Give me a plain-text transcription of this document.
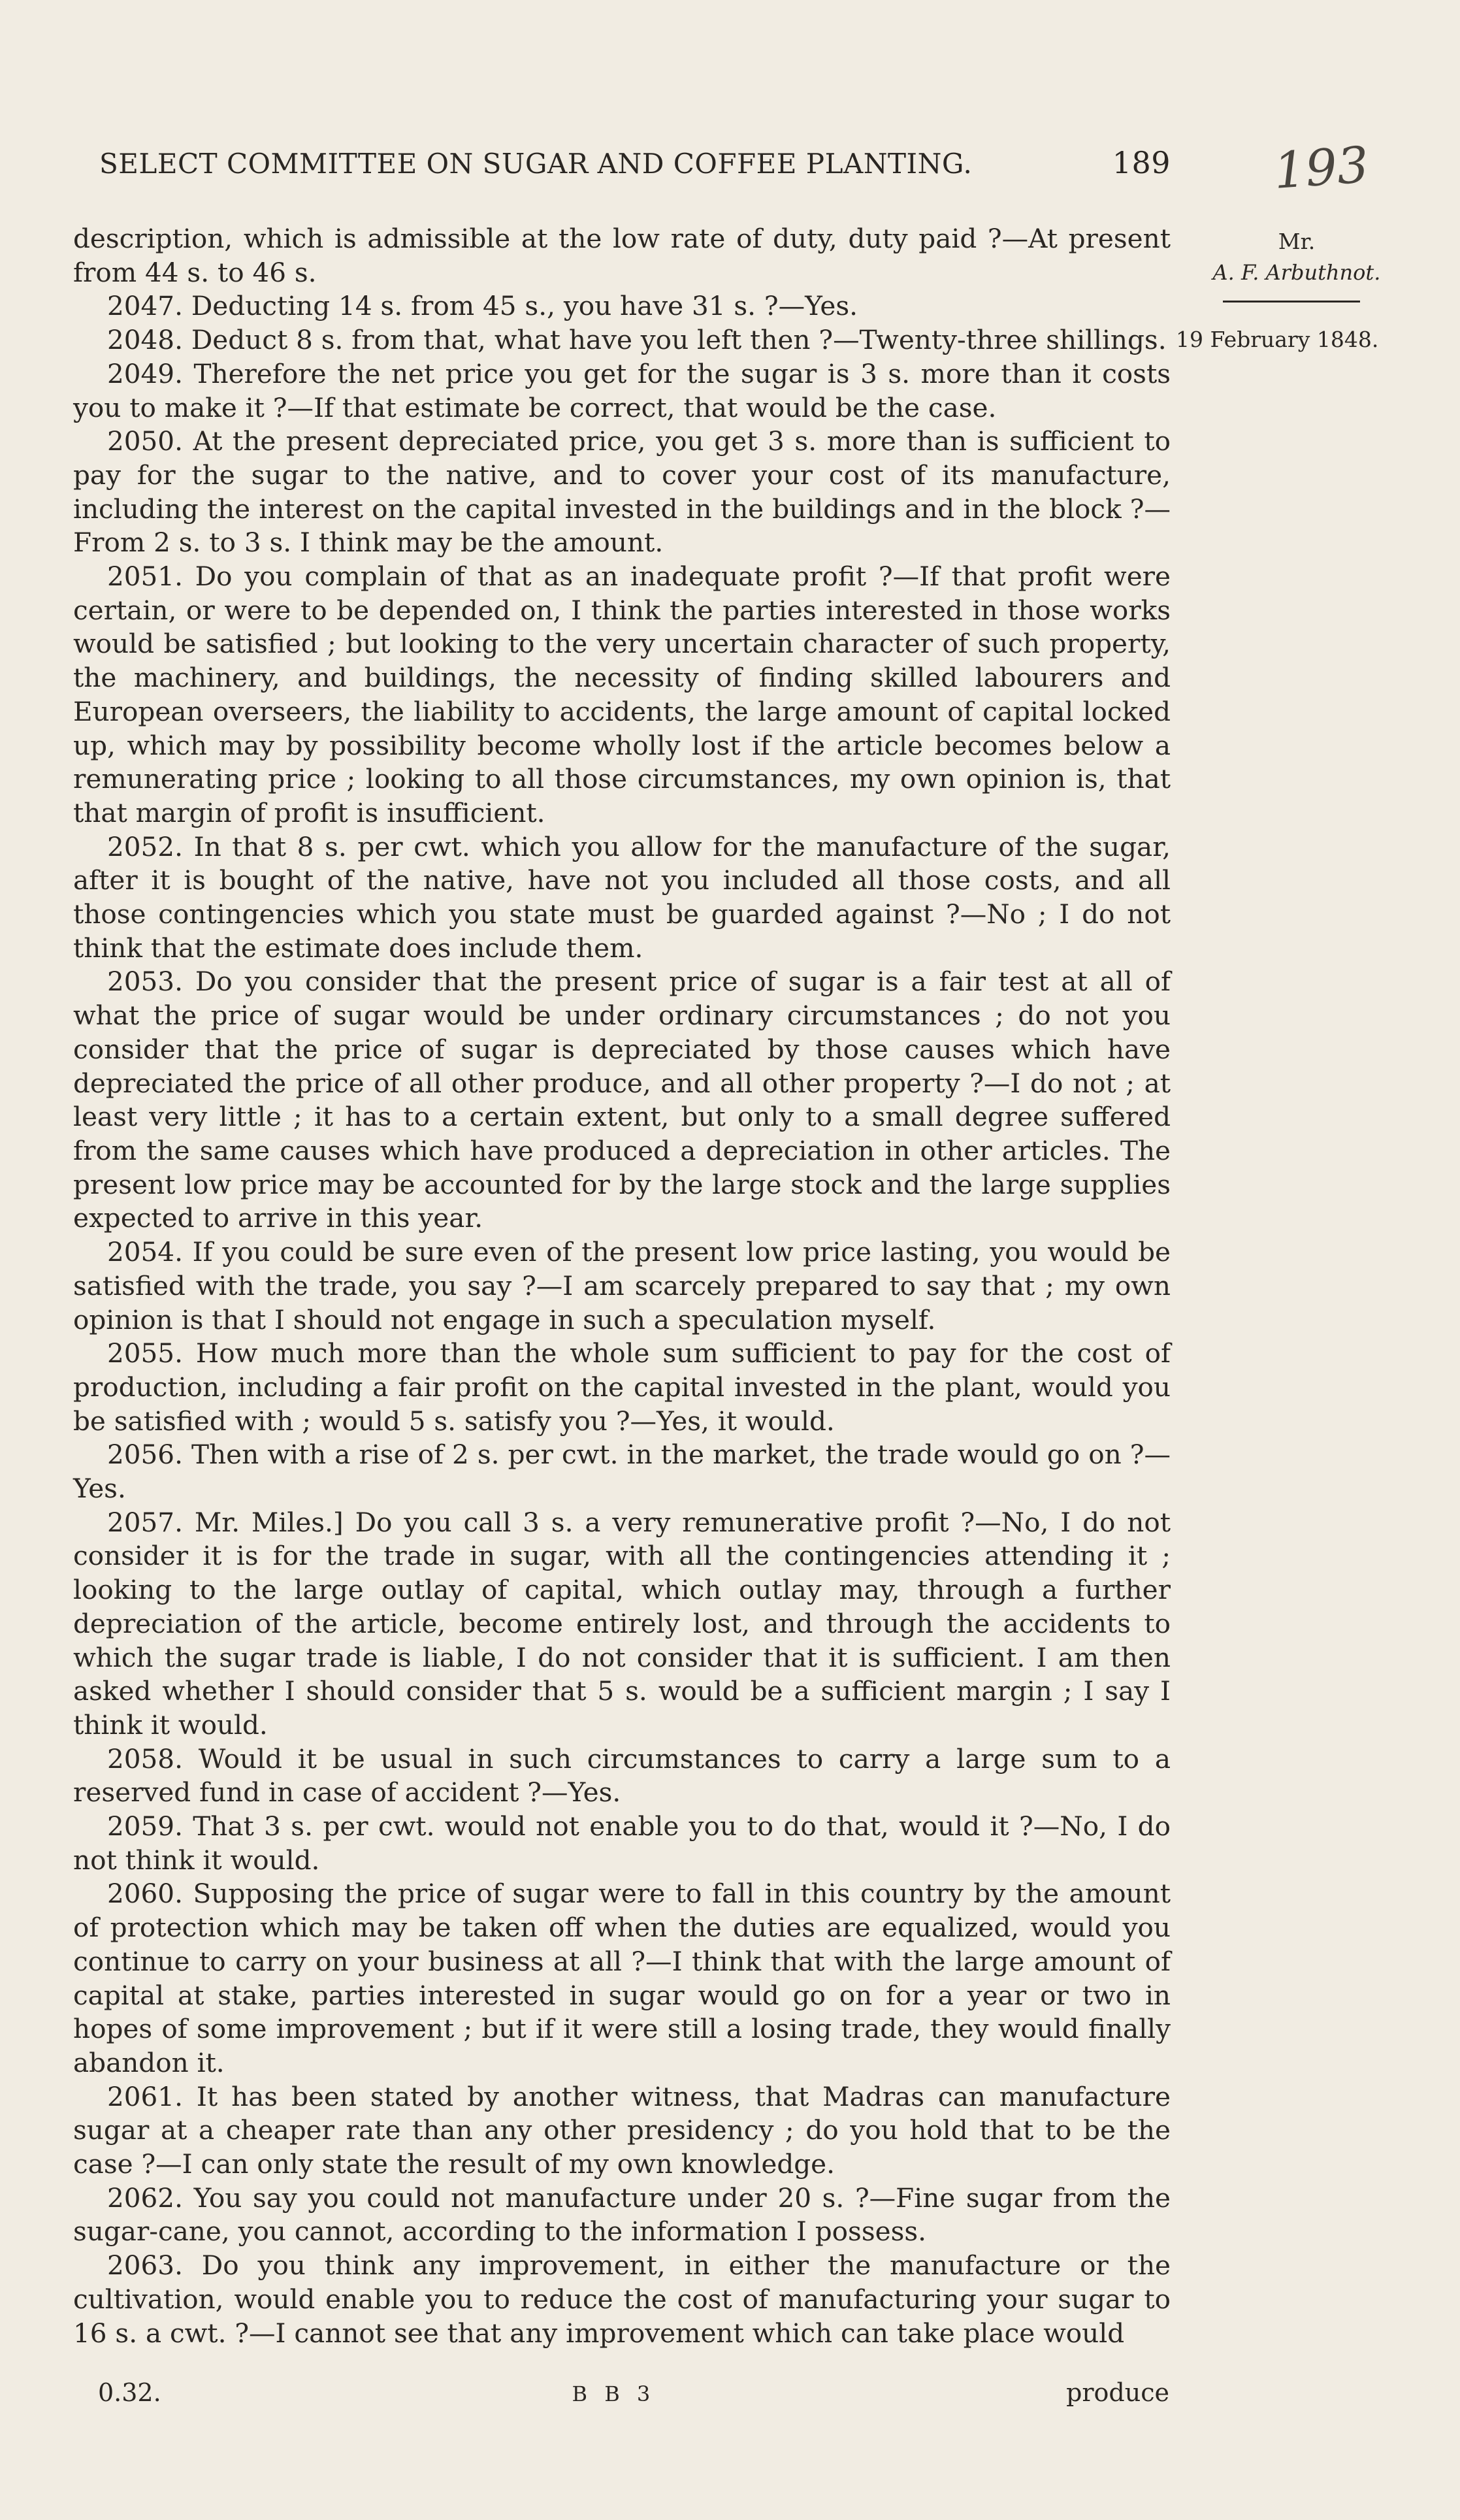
SELECT COMMITTEE ON SUGAR AND COFFEE PLANTING.	189 193
Mr.
A. F. Arbuthnot.
19 February 1848.

description, which is admissible at the low rate of duty, duty paid ?—At present from 44 s. to 46 s.

2047. Deducting 14 s. from 45 s., you have 31 s. ?—Yes.

2048. Deduct 8 s. from that, what have you left then ?—Twenty-three shillings.

2049. Therefore the net price you get for the sugar is 3 s. more than it costs you to make it ?—If that estimate be correct, that would be the case.

2050. At the present depreciated price, you get 3 s. more than is sufficient to pay for the sugar to the native, and to cover your cost of its manufacture, including the interest on the capital invested in the buildings and in the block ?—From 2 s. to 3 s. I think may be the amount.

2051. Do you complain of that as an inadequate profit ?—If that profit were certain, or were to be depended on, I think the parties interested in those works would be satisfied ; but looking to the very uncertain character of such property, the machinery, and buildings, the necessity of finding skilled labourers and European overseers, the liability to accidents, the large amount of capital locked up, which may by possibility become wholly lost if the article becomes below a remunerating price ; looking to all those circumstances, my own opinion is, that that margin of profit is insufficient.

2052. In that 8 s. per cwt. which you allow for the manufacture of the sugar, after it is bought of the native, have not you included all those costs, and all those contingencies which you state must be guarded against ?—No ; I do not think that the estimate does include them.

2053. Do you consider that the present price of sugar is a fair test at all of what the price of sugar would be under ordinary circumstances ; do not you consider that the price of sugar is depreciated by those causes which have depreciated the price of all other produce, and all other property ?—I do not ; at least very little ; it has to a certain extent, but only to a small degree suffered from the same causes which have produced a depreciation in other articles. The present low price may be accounted for by the large stock and the large supplies expected to arrive in this year.

2054. If you could be sure even of the present low price lasting, you would be satisfied with the trade, you say ?—I am scarcely prepared to say that ; my own opinion is that I should not engage in such a speculation myself.

2055. How much more than the whole sum sufficient to pay for the cost of production, including a fair profit on the capital invested in the plant, would you be satisfied with ; would 5 s. satisfy you ?—Yes, it would.

2056. Then with a rise of 2 s. per cwt. in the market, the trade would go on ?—Yes.

2057. Mr. Miles.] Do you call 3 s. a very remunerative profit ?—No, I do not consider it is for the trade in sugar, with all the contingencies attending it ; looking to the large outlay of capital, which outlay may, through a further depreciation of the article, become entirely lost, and through the accidents to which the sugar trade is liable, I do not consider that it is sufficient. I am then asked whether I should consider that 5 s. would be a sufficient margin ; I say I think it would.

2058. Would it be usual in such circumstances to carry a large sum to a reserved fund in case of accident ?—Yes.

2059. That 3 s. per cwt. would not enable you to do that, would it ?—No, I do not think it would.

2060. Supposing the price of sugar were to fall in this country by the amount of protection which may be taken off when the duties are equalized, would you continue to carry on your business at all ?—I think that with the large amount of capital at stake, parties interested in sugar would go on for a year or two in hopes of some improvement ; but if it were still a losing trade, they would finally abandon it.

2061. It has been stated by another witness, that Madras can manufacture sugar at a cheaper rate than any other presidency ; do you hold that to be the case ?—I can only state the result of my own knowledge.

2062. You say you could not manufacture under 20 s. ?—Fine sugar from the sugar-cane, you cannot, according to the information I possess.

2063. Do you think any improvement, in either the manufacture or the cultivation, would enable you to reduce the cost of manufacturing your sugar to 16 s. a cwt. ?—I cannot see that any improvement which can take place would

0.32.	B B 3	produce
